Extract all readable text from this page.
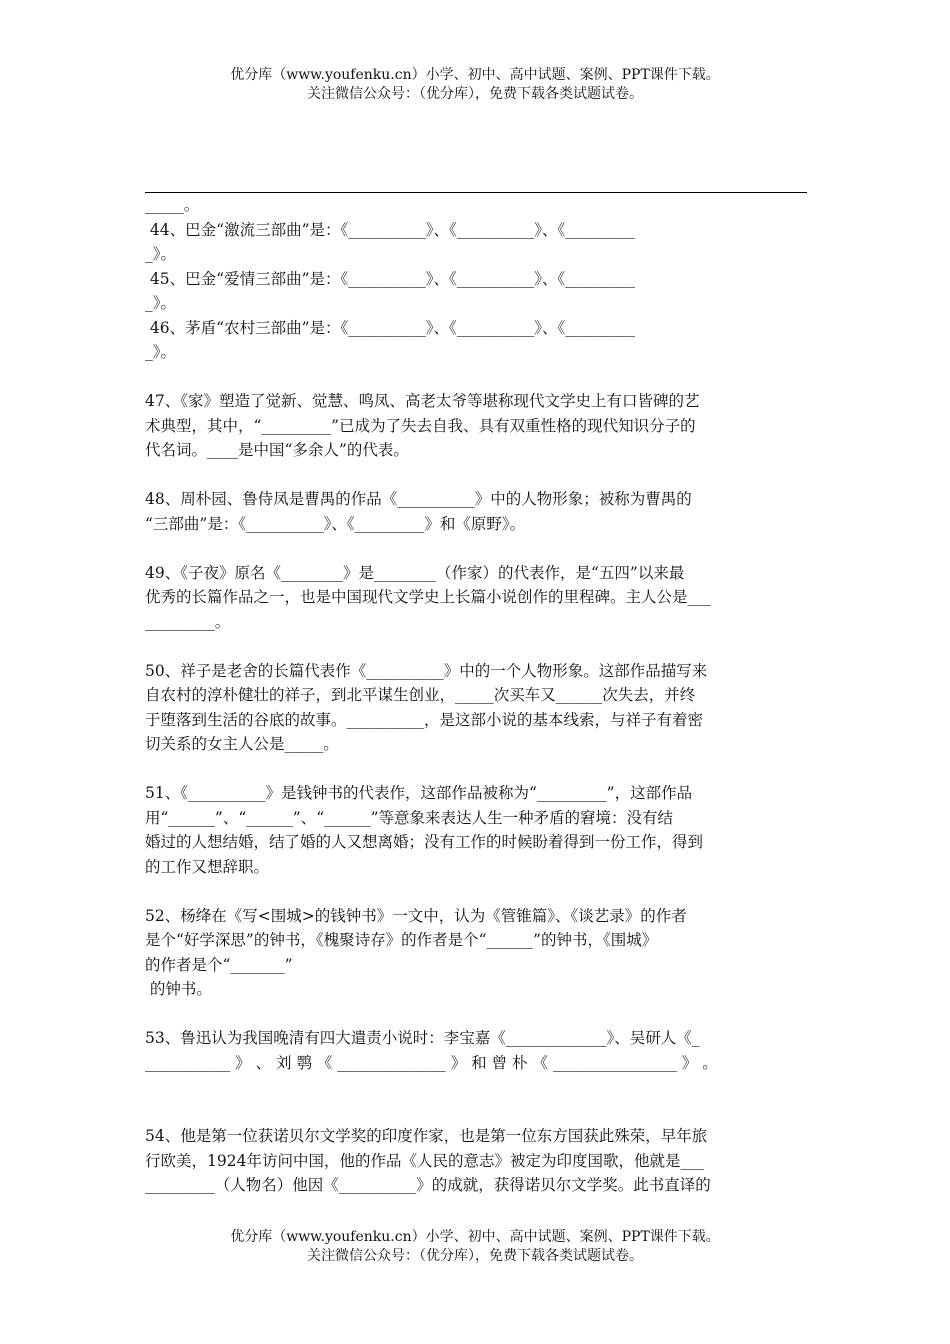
优分库（www.youfenku.cn）小学、初中、高中试题、案例、PPT课件下载。
关注微信公众号：（优分库），免费下载各类试题试卷。
_____。
44、巴金“激流三部曲”是：《__________》、《__________》、《_________
_》。
45、巴金“爱情三部曲”是：《__________》、《__________》、《_________
_》。
46、茅盾“农村三部曲”是：《__________》、《__________》、《_________
_》。
47、《家》塑造了觉新、觉慧、鸣凤、高老太爷等堪称现代文学史上有口皆碑的艺
术典型，其中，“_________”已成为了失去自我、具有双重性格的现代知识分子的
代名词。____是中国“多余人”的代表。
48、周朴园、鲁侍凤是曹禺的作品《__________》中的人物形象；被称为曹禺的
“三部曲”是：《__________》、《_________》和《原野》。
49、《子夜》原名《________》是________（作家）的代表作，是“五四”以来最
优秀的长篇作品之一，也是中国现代文学史上长篇小说创作的里程碑。主人公是___
_________。
50、祥子是老舍的长篇代表作《__________》中的一个人物形象。这部作品描写来
自农村的淳朴健壮的祥子，到北平谋生创业，_____次买车又______次失去，并终
于堕落到生活的谷底的故事。__________，是这部小说的基本线索，与祥子有着密
切关系的女主人公是_____。
51、《__________》是钱钟书的代表作，这部作品被称为“_________”，这部作品
用“______”、“______”、“______”等意象来表达人生一种矛盾的窘境：没有结
婚过的人想结婚，结了婚的人又想离婚；没有工作的时候盼着得到一份工作，得到
的工作又想辞职。
52、杨绛在《写<围城>的钱钟书》一文中，认为《管锥篇》、《谈艺录》的作者
是个“好学深思”的钟书，《槐聚诗存》的作者是个“______”的钟书，《围城》
的作者是个“_______”
的钟书。
53、鲁迅认为我国晚清有四大遣责小说时：李宝嘉《_____________》、吴研人《_
___________ 》 、 刘 鹗 《 ______________ 》 和 曾 朴 《 ________________ 》 。
54、他是第一位获诺贝尔文学奖的印度作家，也是第一位东方国获此殊荣，早年旅
行欧美，1924年访问中国，他的作品《人民的意志》被定为印度国歌，他就是___
_________（人物名）他因《__________》的成就，获得诺贝尔文学奖。此书直译的
优分库（www.youfenku.cn）小学、初中、高中试题、案例、PPT课件下载。
关注微信公众号：（优分库），免费下载各类试题试卷。
